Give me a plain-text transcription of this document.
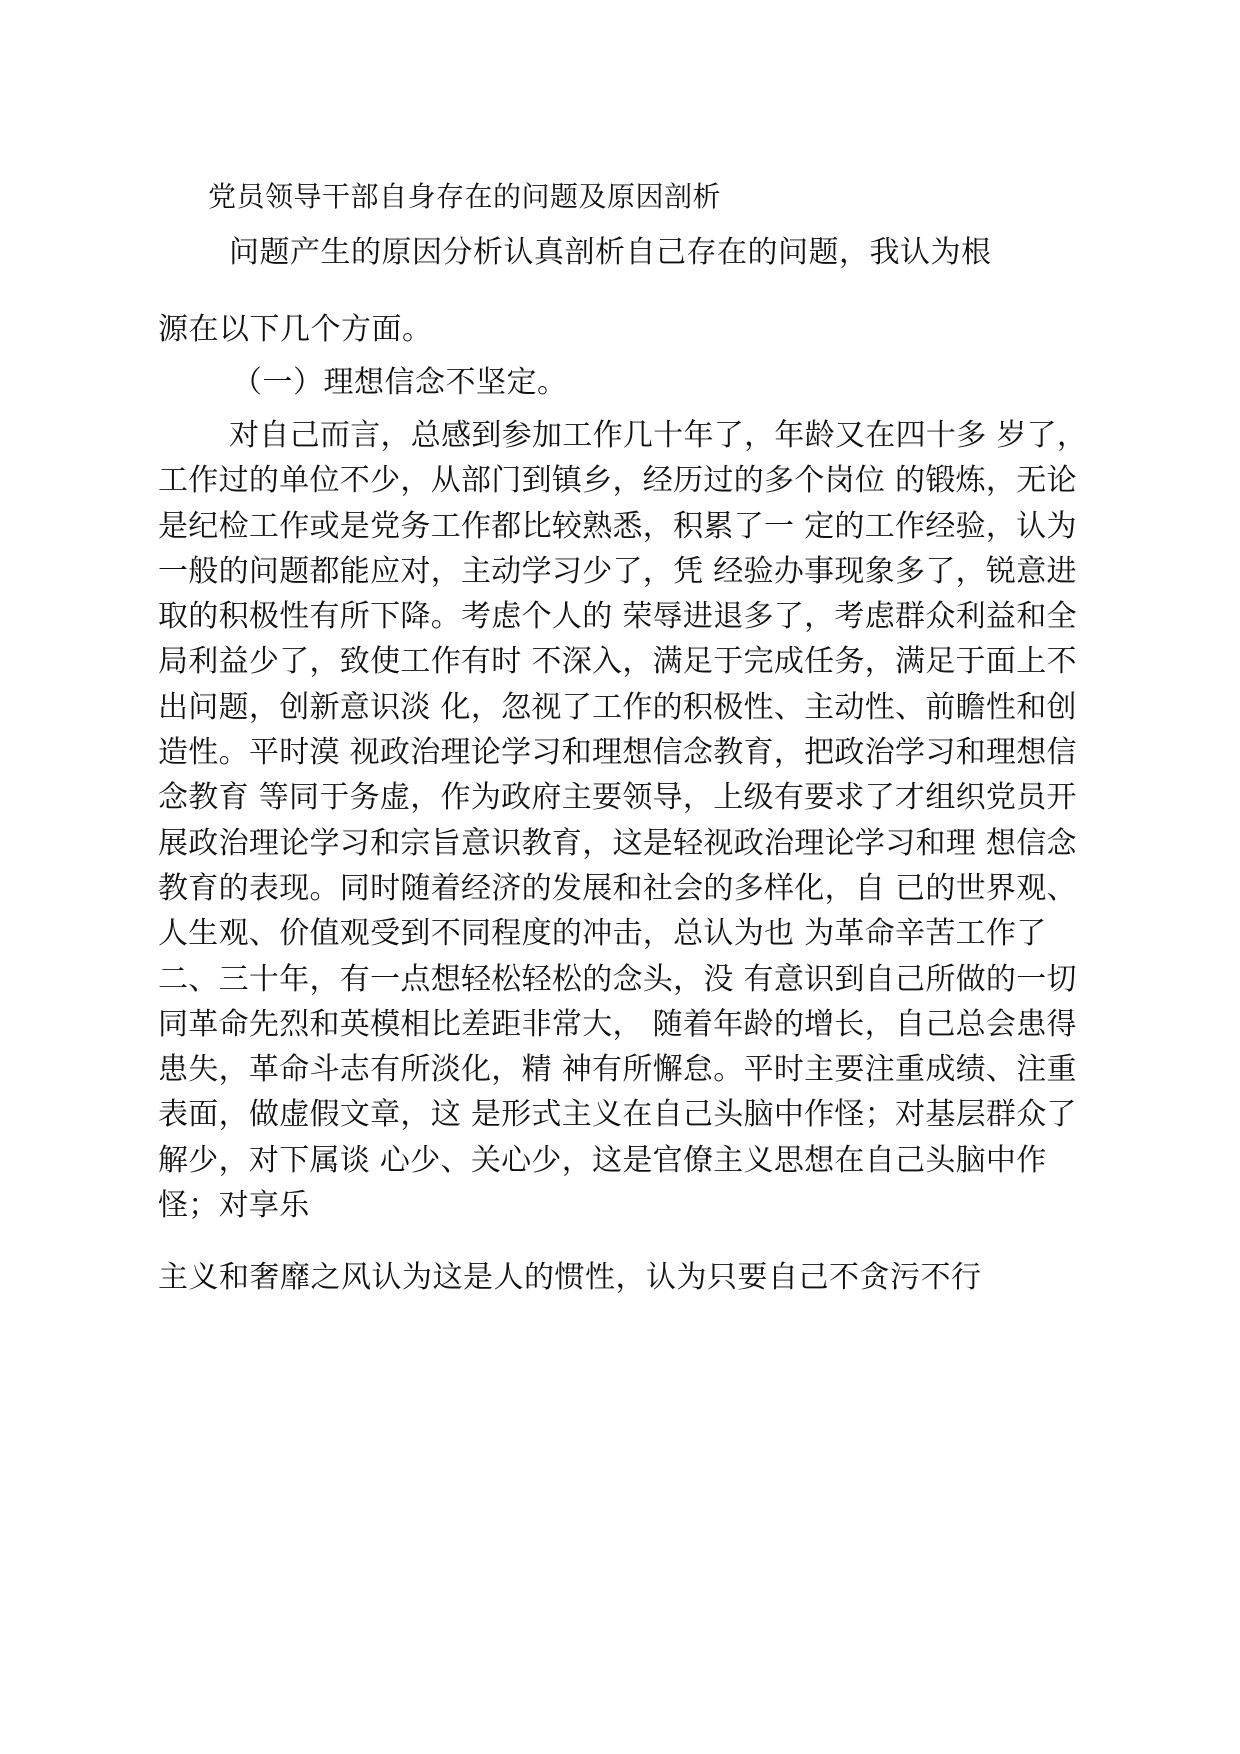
党员领导干部自身存在的问题及原因剖析
问题产生的原因分析认真剖析自己存在的问题，我认为根
源在以下几个方面。
（一）理想信念不坚定。
对自己而言，总感到参加工作几十年了，年龄又在四十多 岁了，
工作过的单位不少，从部门到镇乡，经历过的多个岗位 的锻炼，无论
是纪检工作或是党务工作都比较熟悉，积累了一 定的工作经验，认为
一般的问题都能应对，主动学习少了，凭 经验办事现象多了，锐意进
取的积极性有所下降。考虑个人的 荣辱进退多了，考虑群众利益和全
局利益少了，致使工作有时 不深入，满足于完成任务，满足于面上不
出问题，创新意识淡 化，忽视了工作的积极性、主动性、前瞻性和创
造性。平时漠 视政治理论学习和理想信念教育，把政治学习和理想信
念教育 等同于务虚，作为政府主要领导，上级有要求了才组织党员开
展政治理论学习和宗旨意识教育，这是轻视政治理论学习和理 想信念
教育的表现。同时随着经济的发展和社会的多样化，自 已的世界观、
人生观、价值观受到不同程度的冲击，总认为也 为革命辛苦工作了
二、三十年，有一点想轻松轻松的念头，没 有意识到自己所做的一切
同革命先烈和英模相比差距非常大， 随着年龄的增长，自己总会患得
患失，革命斗志有所淡化，精 神有所懈怠。平时主要注重成绩、注重
表面，做虚假文章，这 是形式主义在自己头脑中作怪；对基层群众了
解少，对下属谈 心少、关心少，这是官僚主义思想在自己头脑中作
怪；对享乐
主义和奢靡之风认为这是人的惯性，认为只要自己不贪污不行
